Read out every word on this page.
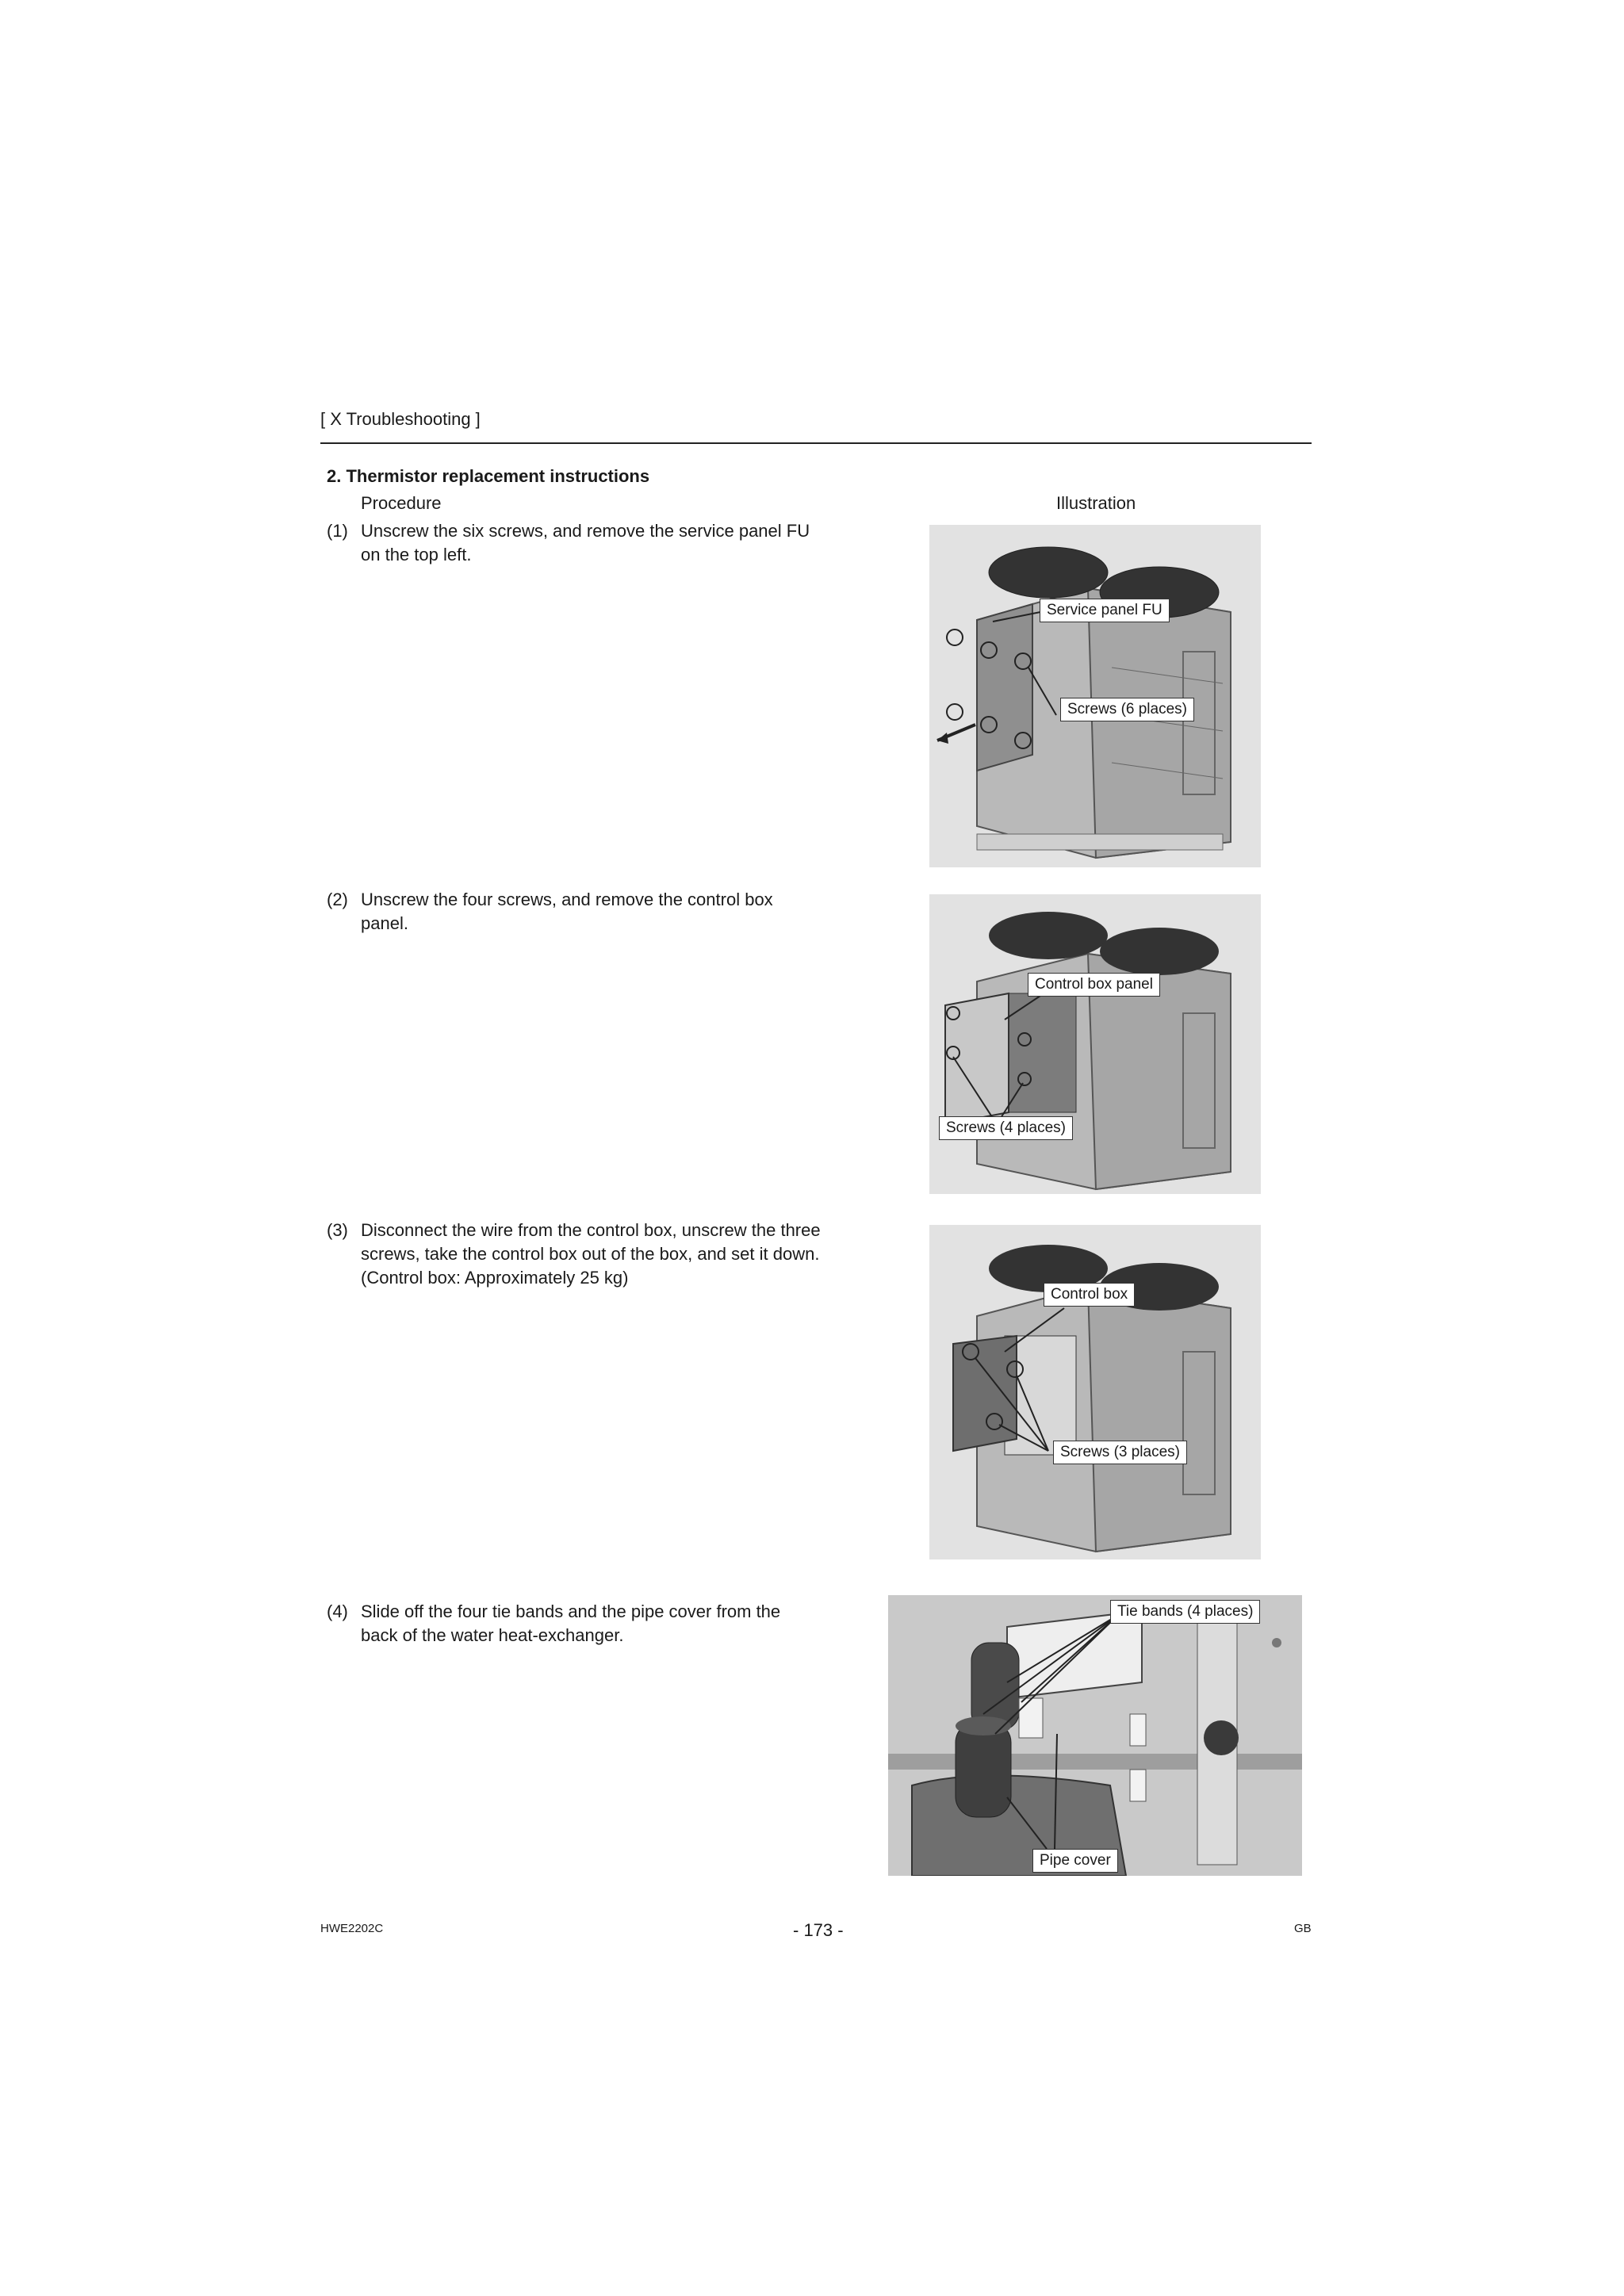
[ X Troubleshooting ]
2. Thermistor replacement instructions
Procedure	Illustration
(1) Unscrew the six screws, and remove the service panel FU on the top left.
Service panel FU
Screws (6 places)
(2) Unscrew the four screws, and remove the control box panel.
Control box panel
Screws (4 places)
(3) Disconnect the wire from the control box, unscrew the three screws, take the control box out of the box, and set it down. (Control box: Approximately 25 kg)
Control box
Screws (3 places)
(4) Slide off the four tie bands and the pipe cover from the back of the water heat-exchanger.
Tie bands (4 places)
Pipe cover
HWE2202C	- 173 -	GB
